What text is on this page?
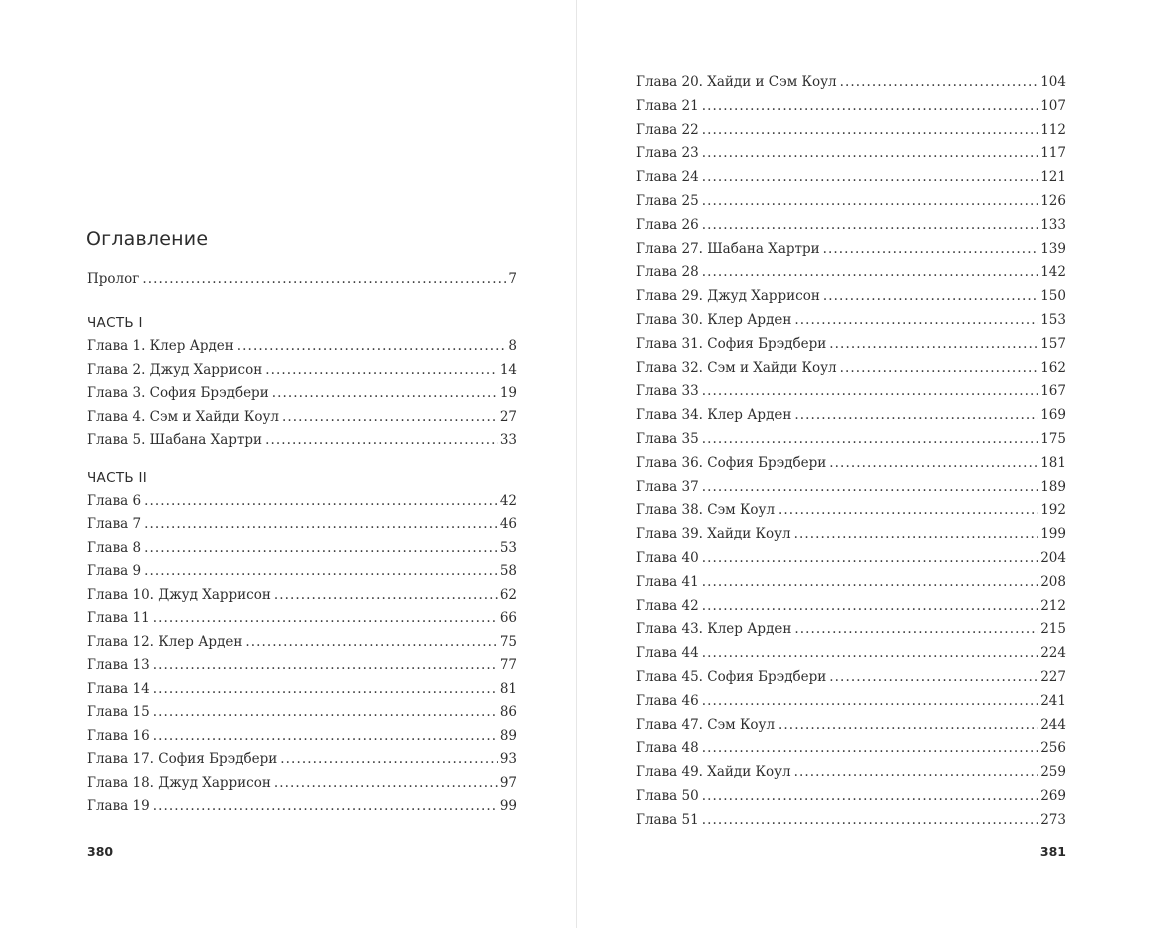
Оглавление
Пролог . . .	7
ЧАСТЬ I
Глава 1. Клер Арден . . .	8
Глава 2. Джуд Харрисон . . .	14
Глава 3. София Брэдбери . . .	19
Глава 4. Сэм и Хайди Коул . . .	27
Глава 5. Шабана Хартри . . .	33
ЧАСТЬ II
Глава 6 . . .	42
Глава 7 . . .	46
Глава 8 . . .	53
Глава 9 . . .	58
Глава 10. Джуд Харрисон . . .	62
Глава 11 . . .	66
Глава 12. Клер Арден . . .	75
Глава 13 . . .	77
Глава 14 . . .	81
Глава 15 . . .	86
Глава 16 . . .	89
Глава 17. София Брэдбери . . .	93
Глава 18. Джуд Харрисон . . .	97
Глава 19 . . .	99
380
Глава 20. Хайди и Сэм Коул . . .	104
Глава 21 . . .	107
Глава 22 . . .	112
Глава 23 . . .	117
Глава 24 . . .	121
Глава 25 . . .	126
Глава 26 . . .	133
Глава 27. Шабана Хартри . . .	139
Глава 28 . . .	142
Глава 29. Джуд Харрисон . . .	150
Глава 30. Клер Арден . . .	153
Глава 31. София Брэдбери . . .	157
Глава 32. Сэм и Хайди Коул . . .	162
Глава 33 . . .	167
Глава 34. Клер Арден . . .	169
Глава 35 . . .	175
Глава 36. София Брэдбери . . .	181
Глава 37 . . .	189
Глава 38. Сэм Коул . . .	192
Глава 39. Хайди Коул . . .	199
Глава 40 . . .	204
Глава 41 . . .	208
Глава 42 . . .	212
Глава 43. Клер Арден . . .	215
Глава 44 . . .	224
Глава 45. София Брэдбери . . .	227
Глава 46 . . .	241
Глава 47. Сэм Коул . . .	244
Глава 48 . . .	256
Глава 49. Хайди Коул . . .	259
Глава 50 . . .	269
Глава 51 . . .	273
381
